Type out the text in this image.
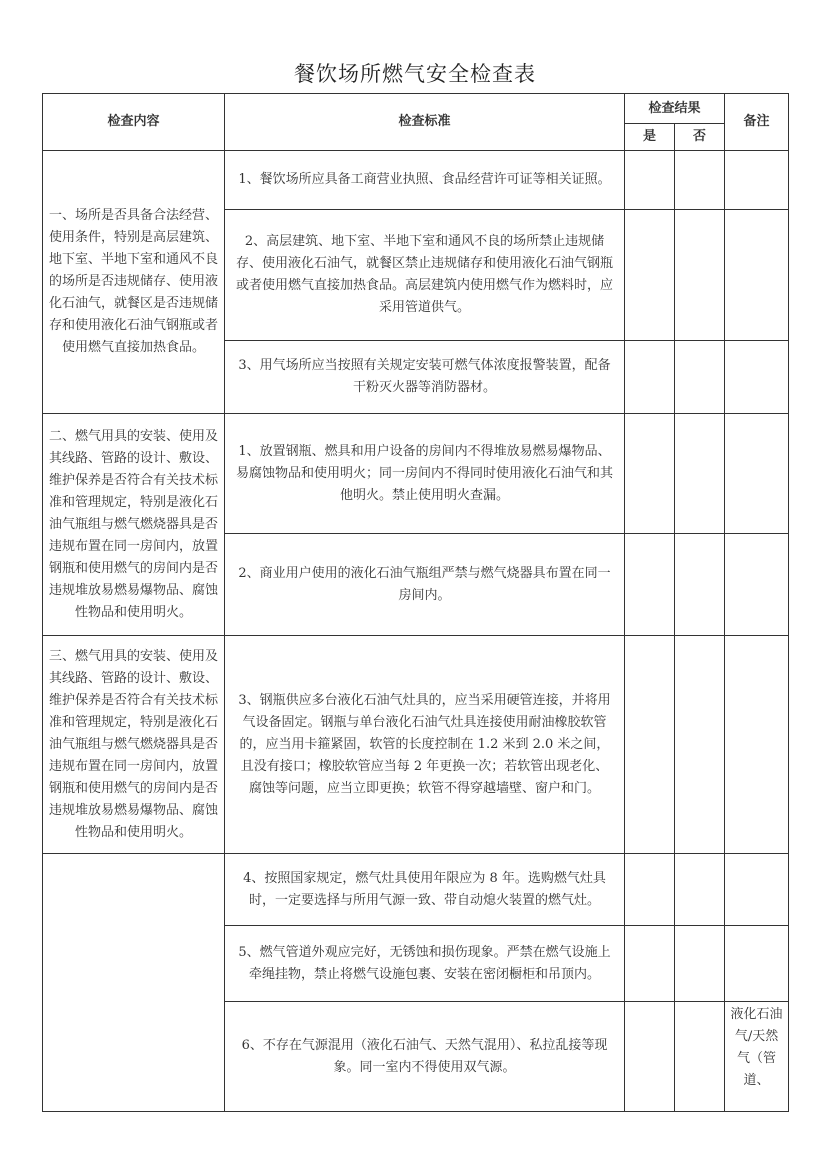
餐饮场所燃气安全检查表
检查内容	检查标准	检查结果		备注
		是	否	
一、场所是否具备合法经营、使用条件，特别是高层建筑、地下室、半地下室和通风不良的场所是否违规储存、使用液化石油气，就餐区是否违规储存和使用液化石油气钢瓶或者使用燃气直接加热食品。	1、餐饮场所应具备工商营业执照、食品经营许可证等相关证照。			
	2、高层建筑、地下室、半地下室和通风不良的场所禁止违规储存、使用液化石油气，就餐区禁止违规储存和使用液化石油气钢瓶或者使用燃气直接加热食品。高层建筑内使用燃气作为燃料时，应采用管道供气。			
	3、用气场所应当按照有关规定安装可燃气体浓度报警装置，配备干粉灭火器等消防器材。			
二、燃气用具的安装、使用及其线路、管路的设计、敷设、维护保养是否符合有关技术标准和管理规定，特别是液化石油气瓶组与燃气燃烧器具是否违规布置在同一房间内，放置钢瓶和使用燃气的房间内是否违规堆放易燃易爆物品、腐蚀性物品和使用明火。	1、放置钢瓶、燃具和用户设备的房间内不得堆放易燃易爆物品、易腐蚀物品和使用明火；同一房间内不得同时使用液化石油气和其他明火。禁止使用明火查漏。			
	2、商业用户使用的液化石油气瓶组严禁与燃气烧器具布置在同一房间内。			
三、燃气用具的安装、使用及其线路、管路的设计、敷设、维护保养是否符合有关技术标准和管理规定，特别是液化石油气瓶组与燃气燃烧器具是否违规布置在同一房间内，放置钢瓶和使用燃气的房间内是否违规堆放易燃易爆物品、腐蚀性物品和使用明火。	3、钢瓶供应多台液化石油气灶具的，应当采用硬管连接，并将用气设备固定。钢瓶与单台液化石油气灶具连接使用耐油橡胶软管的，应当用卡箍紧固，软管的长度控制在 1.2 米到 2.0 米之间，且没有接口；橡胶软管应当每 2 年更换一次；若软管出现老化、腐蚀等问题，应当立即更换；软管不得穿越墙壁、窗户和门。			
	4、按照国家规定，燃气灶具使用年限应为 8 年。选购燃气灶具时，一定要选择与所用气源一致、带自动熄火装置的燃气灶。			
	5、燃气管道外观应完好，无锈蚀和损伤现象。严禁在燃气设施上牵绳挂物，禁止将燃气设施包裹、安装在密闭橱柜和吊顶内。			
	6、不存在气源混用（液化石油气、天然气混用）、私拉乱接等现象。同一室内不得使用双气源。			液化石油气/天然气（管道、
